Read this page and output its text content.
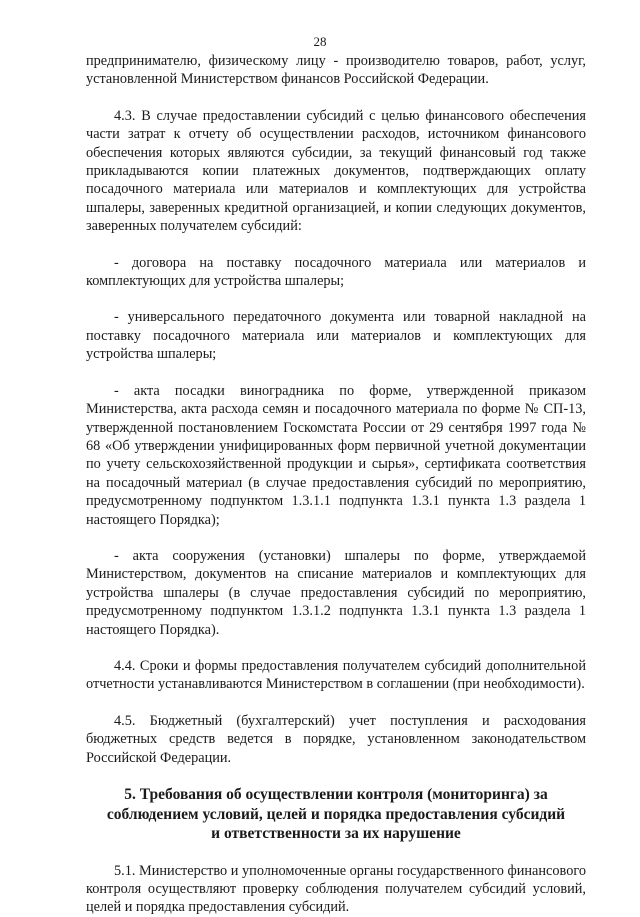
28

предпринимателю, физическому лицу - производителю товаров, работ, услуг, установленной Министерством финансов Российской Федерации.

4.3. В случае предоставлении субсидий с целью финансового обеспечения части затрат к отчету об осуществлении расходов, источником финансового обеспечения которых являются субсидии, за текущий финансовый год также прикладываются копии платежных документов, подтверждающих оплату посадочного материала или материалов и комплектующих для устройства шпалеры, заверенных кредитной организацией, и копии следующих документов, заверенных получателем субсидий:

- договора на поставку посадочного материала или материалов и комплектующих для устройства шпалеры;

- универсального передаточного документа или товарной накладной на поставку посадочного материала или материалов и комплектующих для устройства шпалеры;

- акта посадки виноградника по форме, утвержденной приказом Министерства, акта расхода семян и посадочного материала по форме № СП-13, утвержденной постановлением Госкомстата России от 29 сентября 1997 года № 68 «Об утверждении унифицированных форм первичной учетной документации по учету сельскохозяйственной продукции и сырья», сертификата соответствия на посадочный материал (в случае предоставления субсидий по мероприятию, предусмотренному подпунктом 1.3.1.1 подпункта 1.3.1 пункта 1.3 раздела 1 настоящего Порядка);

- акта сооружения (установки) шпалеры по форме, утверждаемой Министерством, документов на списание материалов и комплектующих для устройства шпалеры (в случае предоставления субсидий по мероприятию, предусмотренному подпунктом 1.3.1.2 подпункта 1.3.1 пункта 1.3 раздела 1 настоящего Порядка).

4.4. Сроки и формы предоставления получателем субсидий дополнительной отчетности устанавливаются Министерством в соглашении (при необходимости).

4.5. Бюджетный (бухгалтерский) учет поступления и расходования бюджетных средств ведется в порядке, установленном законодательством Российской Федерации.

5. Требования об осуществлении контроля (мониторинга) за
соблюдением условий, целей и порядка предоставления субсидий
и ответственности за их нарушение

5.1. Министерство и уполномоченные органы государственного финансового контроля осуществляют проверку соблюдения получателем субсидий условий, целей и порядка предоставления субсидий.
